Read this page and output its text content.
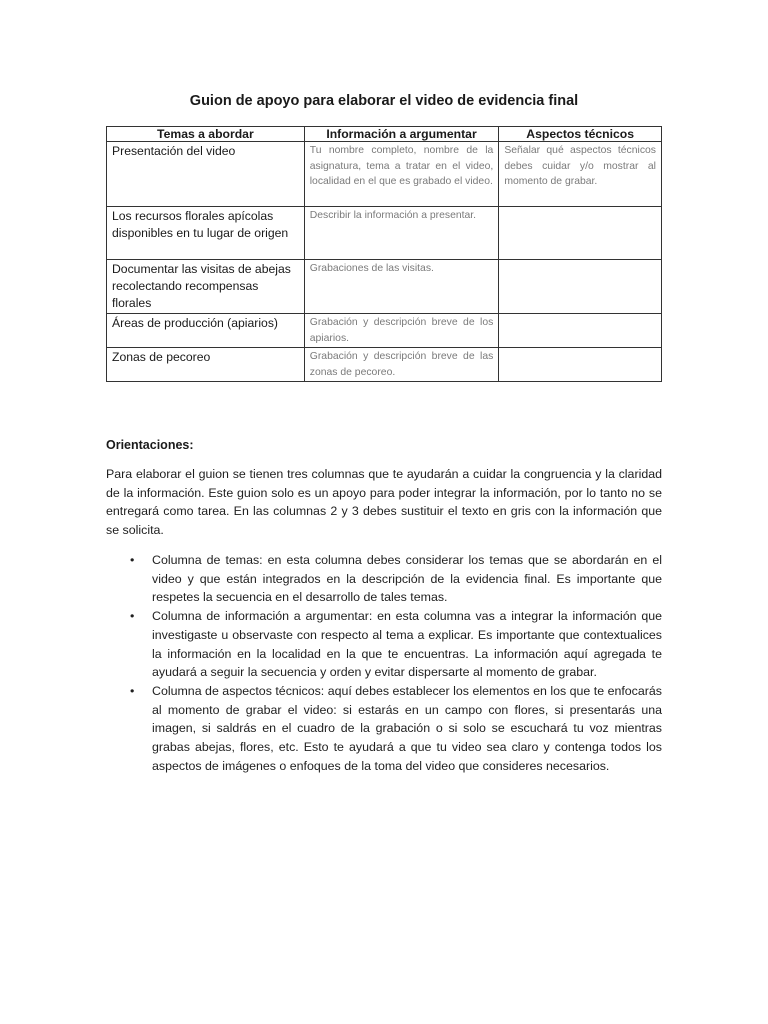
Guion de apoyo para elaborar el video de evidencia final
Temas a abordar	Información a argumentar	Aspectos técnicos
Presentación del video	Tu nombre completo, nombre de la asignatura, tema a tratar en el video, localidad en el que es grabado el video.	Señalar qué aspectos técnicos debes cuidar y/o mostrar al momento de grabar.
Los recursos florales apícolas disponibles en tu lugar de origen	Describir la información a presentar.	
Documentar las visitas de abejas recolectando recompensas florales	Grabaciones de las visitas.	
Áreas de producción (apiarios)	Grabación y descripción breve de los apiarios.	
Zonas de pecoreo	Grabación y descripción breve de las zonas de pecoreo.	
Orientaciones:

Para elaborar el guion se tienen tres columnas que te ayudarán a cuidar la congruencia y la claridad de la información. Este guion solo es un apoyo para poder integrar la información, por lo tanto no se entregará como tarea. En las columnas 2 y 3 debes sustituir el texto en gris con la información que se solicita.

• Columna de temas: en esta columna debes considerar los temas que se abordarán en el video y que están integrados en la descripción de la evidencia final. Es importante que respetes la secuencia en el desarrollo de tales temas.
• Columna de información a argumentar: en esta columna vas a integrar la información que investigaste u observaste con respecto al tema a explicar. Es importante que contextualices la información en la localidad en la que te encuentras. La información aquí agregada te ayudará a seguir la secuencia y orden y evitar dispersarte al momento de grabar.
• Columna de aspectos técnicos: aquí debes establecer los elementos en los que te enfocarás al momento de grabar el video: si estarás en un campo con flores, si presentarás una imagen, si saldrás en el cuadro de la grabación o si solo se escuchará tu voz mientras grabas abejas, flores, etc. Esto te ayudará a que tu video sea claro y contenga todos los aspectos de imágenes o enfoques de la toma del video que consideres necesarios.
